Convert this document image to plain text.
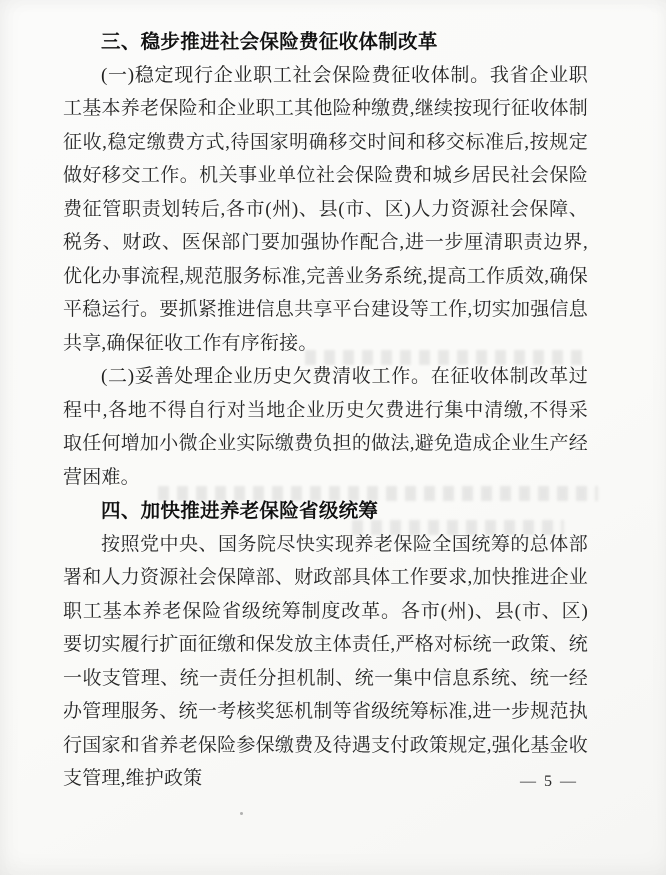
三、稳步推进社会保险费征收体制改革

(一)稳定现行企业职工社会保险费征收体制。我省企业职工基本养老保险和企业职工其他险种缴费,继续按现行征收体制征收,稳定缴费方式,待国家明确移交时间和移交标准后,按规定做好移交工作。机关事业单位社会保险费和城乡居民社会保险费征管职责划转后,各市(州)、县(市、区)人力资源社会保障、税务、财政、医保部门要加强协作配合,进一步厘清职责边界,优化办事流程,规范服务标准,完善业务系统,提高工作质效,确保平稳运行。要抓紧推进信息共享平台建设等工作,切实加强信息共享,确保征收工作有序衔接。

(二)妥善处理企业历史欠费清收工作。在征收体制改革过程中,各地不得自行对当地企业历史欠费进行集中清缴,不得采取任何增加小微企业实际缴费负担的做法,避免造成企业生产经营困难。

四、加快推进养老保险省级统筹

按照党中央、国务院尽快实现养老保险全国统筹的总体部署和人力资源社会保障部、财政部具体工作要求,加快推进企业职工基本养老保险省级统筹制度改革。各市(州)、县(市、区)要切实履行扩面征缴和保发放主体责任,严格对标统一政策、统一收支管理、统一责任分担机制、统一集中信息系统、统一经办管理服务、统一考核奖惩机制等省级统筹标准,进一步规范执行国家和省养老保险参保缴费及待遇支付政策规定,强化基金收支管理,维护政策	— 5 —
